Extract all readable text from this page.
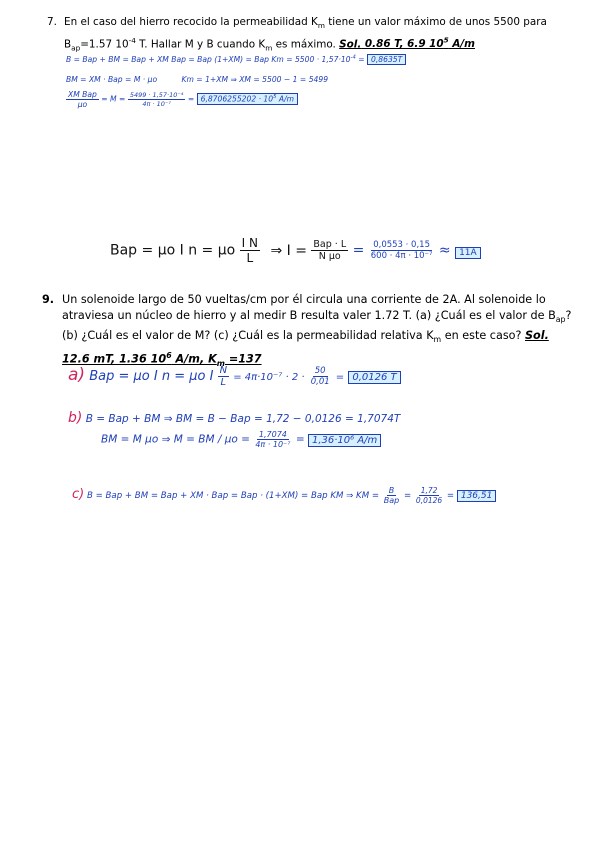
7. En el caso del hierro recocido la permeabilidad $K_m$ tiene un valor máximo de unos 5500 para
$B_{ap}=1.57$ $10^{-4}$ T. Hallar M y B cuando $K_m$ es máximo. Sol. 0.86 T, 6.9 $10^5$ A/m
B = Bap + BM = Bap + XM Bap = Bap (1+XM) = Bap $Km = 5500 \cdot 1,57\cdot 10^{-4} = 0,8635T$
BM = XM · Bap = M · μo	Km = 1+XM ⇒ XM = 5500 − 1 = 5499
$\frac{\text{XM Bap}}{\mu o} = M = \frac{\text{5499 · 1,57·10⁻⁴}}{\text{4π · 10⁻⁷}} = 6,8706255202 \cdot 10^5$ A/m
Bap = μo I n = μo $\frac{\text{I N}}{L}$ ⇒ $I = \frac{\text{Bap · L}}{\text{N μo}} = \frac{0,0553 \cdot 0,15}{\text{600 · 4π · 10⁻⁷}} \approx 11A$
9. Un solenoide largo de 50 vueltas/cm por él circula una corriente de 2A. Al solenoide lo
atraviesa un núcleo de hierro y al medir B resulta valer 1.72 T. (a) ¿Cuál es el valor de $B_{ap}$?
(b) ¿Cuál es el valor de M? (c) ¿Cuál es la permeabilidad relativa $K_m$ en este caso? Sol.
12.6 mT, 1.36 $10^6$ A/m, $K_m =137$
a) Bap = μo I n = μo I $\frac{N}{L} = 4\pi\cdot 10^{-7} \cdot 2 \cdot \frac{50}{0,01} = 0,0126$ T
b) B = Bap + BM ⇒ BM = B − Bap = 1,72 − 0,0126 = 1,7074T
BM = M μo ⇒ M = BM / $\mu o = \frac{1,7074}{\text{4π · 10⁻⁷}} = 1,36\cdot 10^6$ A/m
c) B = Bap + BM = Bap + XM · Bap = Bap · (1+XM) = Bap KM ⇒ KM = $\frac{B}{\text{Bap}} = \frac{1,72}{0,0126} = 136,51$
